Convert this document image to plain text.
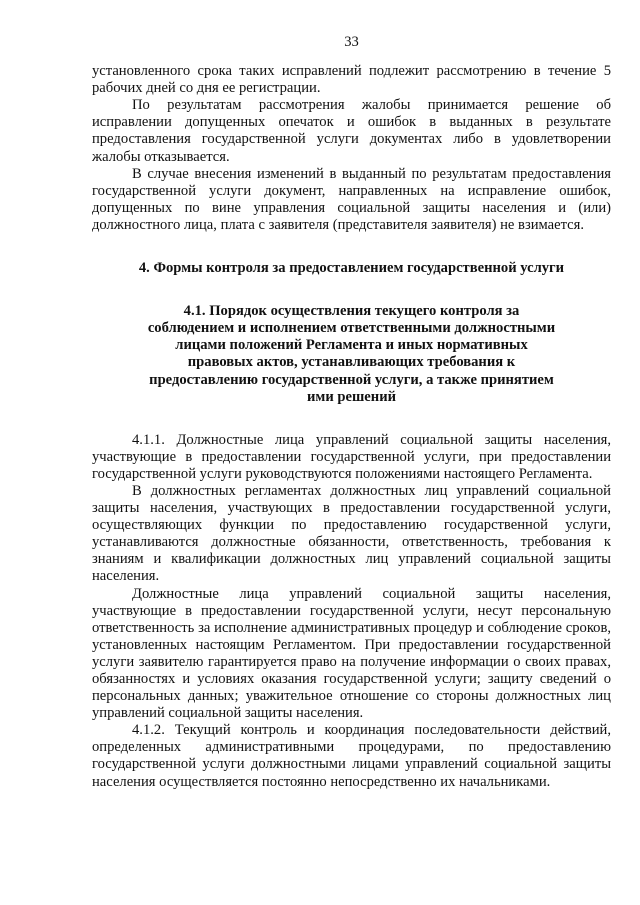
33

установленного срока таких исправлений подлежит рассмотрению в течение 5 рабочих дней со дня ее регистрации.

По результатам рассмотрения жалобы принимается решение об исправлении допущенных опечаток и ошибок в выданных в результате предоставления государственной услуги документах либо в удовлетворении жалобы отказывается.

В случае внесения изменений в выданный по результатам предоставления государственной услуги документ, направленных на исправление ошибок, допущенных по вине управления социальной защиты населения и (или) должностного лица, плата с заявителя (представителя заявителя) не взимается.

4. Формы контроля за предоставлением государственной услуги

4.1. Порядок осуществления текущего контроля за соблюдением и исполнением ответственными должностными лицами положений Регламента и иных нормативных правовых актов, устанавливающих требования к предоставлению государственной услуги, а также принятием ими решений

4.1.1. Должностные лица управлений социальной защиты населения, участвующие в предоставлении государственной услуги, при предоставлении государственной услуги руководствуются положениями настоящего Регламента.

В должностных регламентах должностных лиц управлений социальной защиты населения, участвующих в предоставлении государственной услуги, осуществляющих функции по предоставлению государственной услуги, устанавливаются должностные обязанности, ответственность, требования к знаниям и квалификации должностных лиц управлений социальной защиты населения.

Должностные лица управлений социальной защиты населения, участвующие в предоставлении государственной услуги, несут персональную ответственность за исполнение административных процедур и соблюдение сроков, установленных настоящим Регламентом. При предоставлении государственной услуги заявителю гарантируется право на получение информации о своих правах, обязанностях и условиях оказания государственной услуги; защиту сведений о персональных данных; уважительное отношение со стороны должностных лиц управлений социальной защиты населения.

4.1.2. Текущий контроль и координация последовательности действий, определенных административными процедурами, по предоставлению государственной услуги должностными лицами управлений социальной защиты населения осуществляется постоянно непосредственно их начальниками.
